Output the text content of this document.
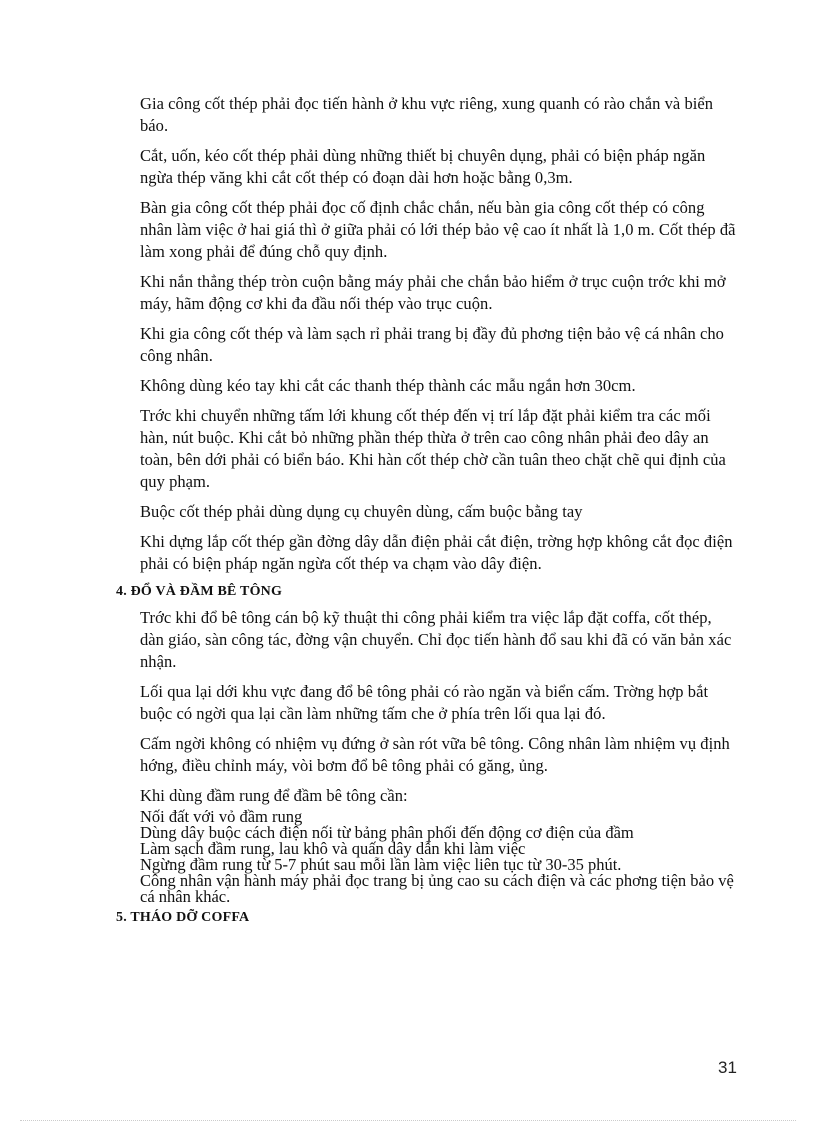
Gia công cốt thép phải đọc tiến hành ở khu vực riêng, xung quanh có rào chắn và biển báo.

Cắt, uốn, kéo cốt thép phải dùng những thiết bị chuyên dụng, phải có biện pháp ngăn ngừa thép văng khi cắt cốt thép có đoạn dài hơn hoặc bằng 0,3m.

Bàn gia công cốt thép phải đọc cố định chắc chắn, nếu bàn gia công cốt thép có công nhân làm việc ở hai giá thì ở giữa phải có lới thép bảo vệ cao ít nhất là 1,0 m. Cốt thép đã làm xong phải để đúng chỗ quy định.

Khi nắn thẳng thép tròn cuộn bằng máy phải che chắn bảo hiểm ở trục cuộn trớc khi mở máy, hãm động cơ khi đa đầu nối thép vào trục cuộn.

Khi gia công cốt thép và làm sạch rỉ phải trang bị đầy đủ phơng tiện bảo vệ cá nhân cho công nhân.

Không dùng kéo tay khi cắt các thanh thép thành các mẫu ngắn hơn 30cm.

Trớc khi chuyển những tấm lới khung cốt thép đến vị trí lắp đặt phải kiểm tra các mối hàn, nút buộc. Khi cắt bỏ những phần thép thừa ở trên cao công nhân phải đeo dây an toàn, bên dới phải có biển báo. Khi hàn cốt thép chờ cần tuân theo chặt chẽ qui định của quy phạm.

Buộc cốt thép phải dùng dụng cụ chuyên dùng, cấm buộc bằng tay

Khi dựng lắp cốt thép gần đờng dây dẫn điện phải cắt điện, trờng hợp không cắt đọc điện phải có biện pháp ngăn ngừa cốt thép va chạm vào dây điện.

4. ĐỔ VÀ ĐẦM BÊ TÔNG

Trớc khi đổ bê tông cán bộ kỹ thuật thi công phải kiểm tra việc lắp đặt coffa, cốt thép, dàn giáo, sàn công tác, đờng vận chuyển. Chỉ đọc tiến hành đổ sau khi đã có văn bản xác nhận.

Lối qua lại dới khu vực đang đổ bê tông phải có rào ngăn và biển cấm. Trờng hợp bắt buộc có ngời qua lại cần làm những tấm che ở phía trên lối qua lại đó.

Cấm ngời không có nhiệm vụ đứng ở sàn rót vữa bê tông. Công nhân làm nhiệm vụ định hớng, điều chỉnh máy, vòi bơm đổ bê tông phải có găng, ủng.

Khi dùng đầm rung để đầm bê tông cần:

Nối đất với vỏ đầm rung
Dùng dây buộc cách điện nối từ bảng phân phối đến động cơ điện của đầm
Làm sạch đầm rung, lau khô và quấn dây dẫn khi làm việc
Ngừng đầm rung từ 5-7 phút sau mỗi lần làm việc liên tục từ 30-35 phút.
Công nhân vận hành máy phải đọc trang bị ủng cao su cách điện và các phơng tiện bảo vệ cá nhân khác.
5. THÁO DỠ COFFA
31
